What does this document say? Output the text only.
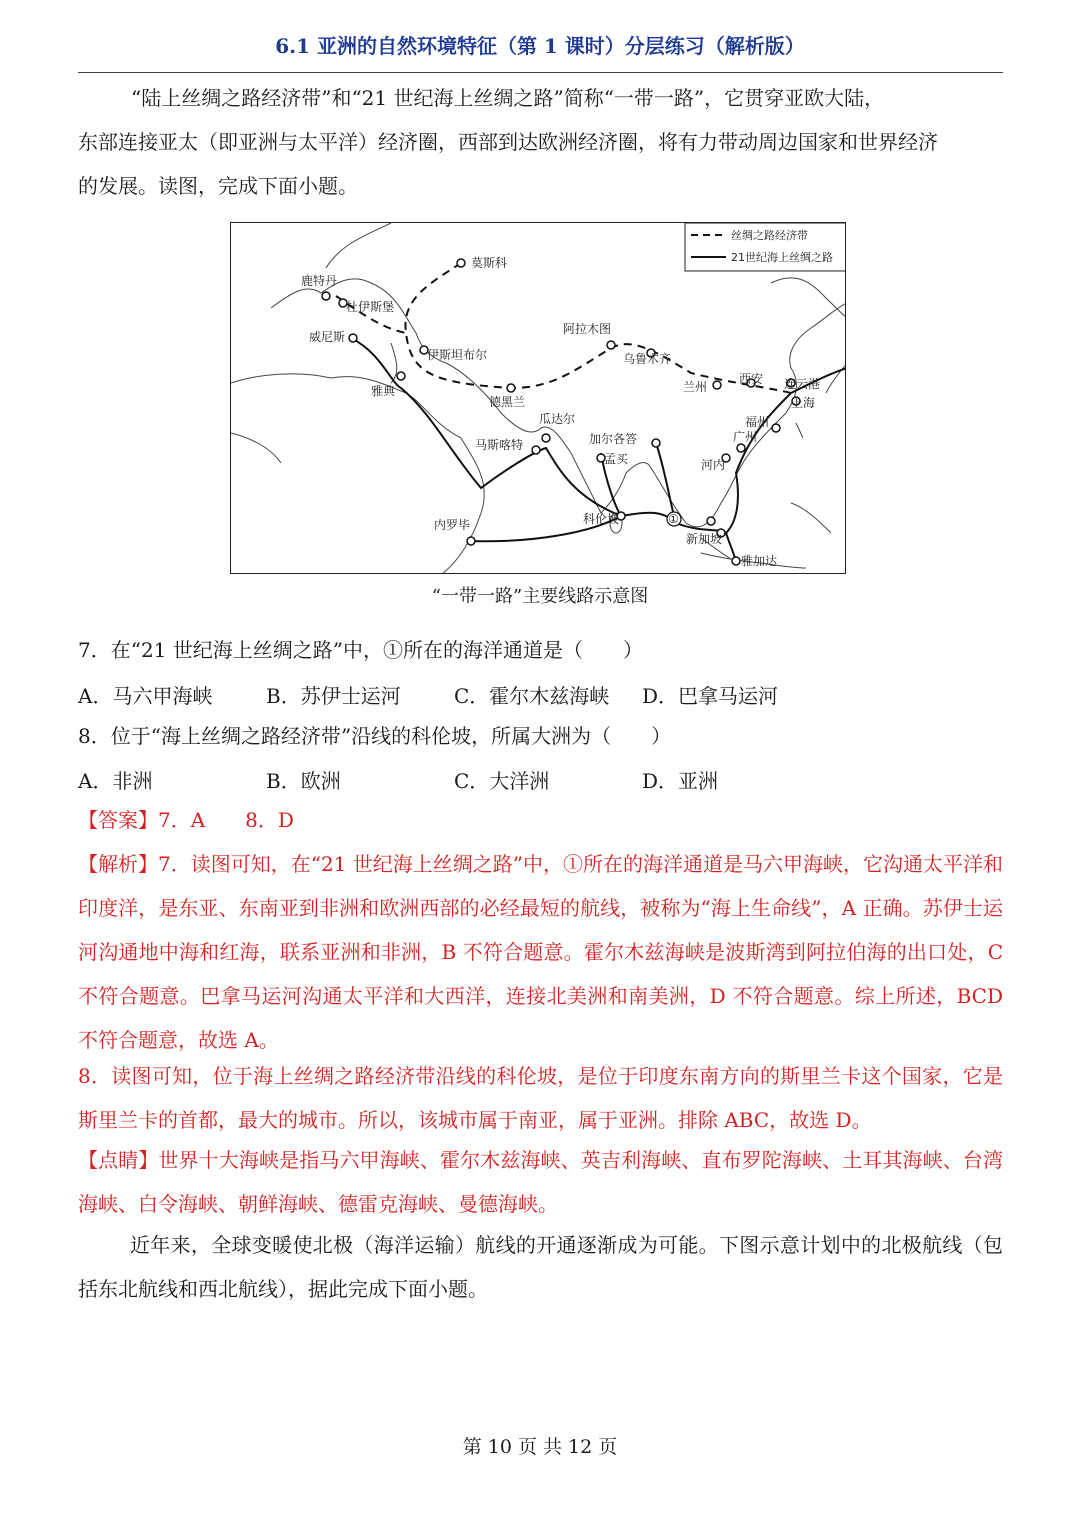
6.1 亚洲的自然环境特征（第 1 课时）分层练习（解析版）
“陆上丝绸之路经济带”和“21 世纪海上丝绸之路”简称“一带一路”，它贯穿亚欧大陆，
东部连接亚太（即亚洲与太平洋）经济圈，西部到达欧洲经济圈，将有力带动周边国家和世界经济
的发展。读图，完成下面小题。
丝绸之路经济带
21世纪海上丝绸之路
莫斯科
鹿特丹
杜伊斯堡
威尼斯
伊斯坦布尔
雅典
德黑兰
阿拉木图
乌鲁木齐
兰州
西安 连云港
上海
福州
广州
河内
瓜达尔
马斯喀特	加尔各答
孟买
科伦坡
新加坡
雅加达
内罗毕	①
“一带一路”主要线路示意图
7．在“21 世纪海上丝绸之路”中，①所在的海洋通道是（　　）
A．马六甲海峡	B．苏伊士运河	C．霍尔木兹海峡 D．巴拿马运河
8．位于“海上丝绸之路经济带”沿线的科伦坡，所属大洲为（　　）
A．非洲	B．欧洲	C．大洋洲	D．亚洲
【答案】7．A　　8．D
【解析】7．读图可知，在“21 世纪海上丝绸之路”中，①所在的海洋通道是马六甲海峡，它沟通太平洋和印度洋，是东亚、东南亚到非洲和欧洲西部的必经最短的航线，被称为“海上生命线”，A 正确。苏伊士运河沟通地中海和红海，联系亚洲和非洲，B 不符合题意。霍尔木兹海峡是波斯湾到阿拉伯海的出口处，C 不符合题意。巴拿马运河沟通太平洋和大西洋，连接北美洲和南美洲，D 不符合题意。综上所述，BCD 不符合题意，故选 A。
8．读图可知，位于海上丝绸之路经济带沿线的科伦坡，是位于印度东南方向的斯里兰卡这个国家，它是斯里兰卡的首都，最大的城市。所以，该城市属于南亚，属于亚洲。排除 ABC，故选 D。
【点睛】世界十大海峡是指马六甲海峡、霍尔木兹海峡、英吉利海峡、直布罗陀海峡、土耳其海峡、台湾海峡、白令海峡、朝鲜海峡、德雷克海峡、曼德海峡。
近年来，全球变暖使北极（海洋运输）航线的开通逐渐成为可能。下图示意计划中的北极航线（包括东北航线和西北航线），据此完成下面小题。
第 10 页 共 12 页
